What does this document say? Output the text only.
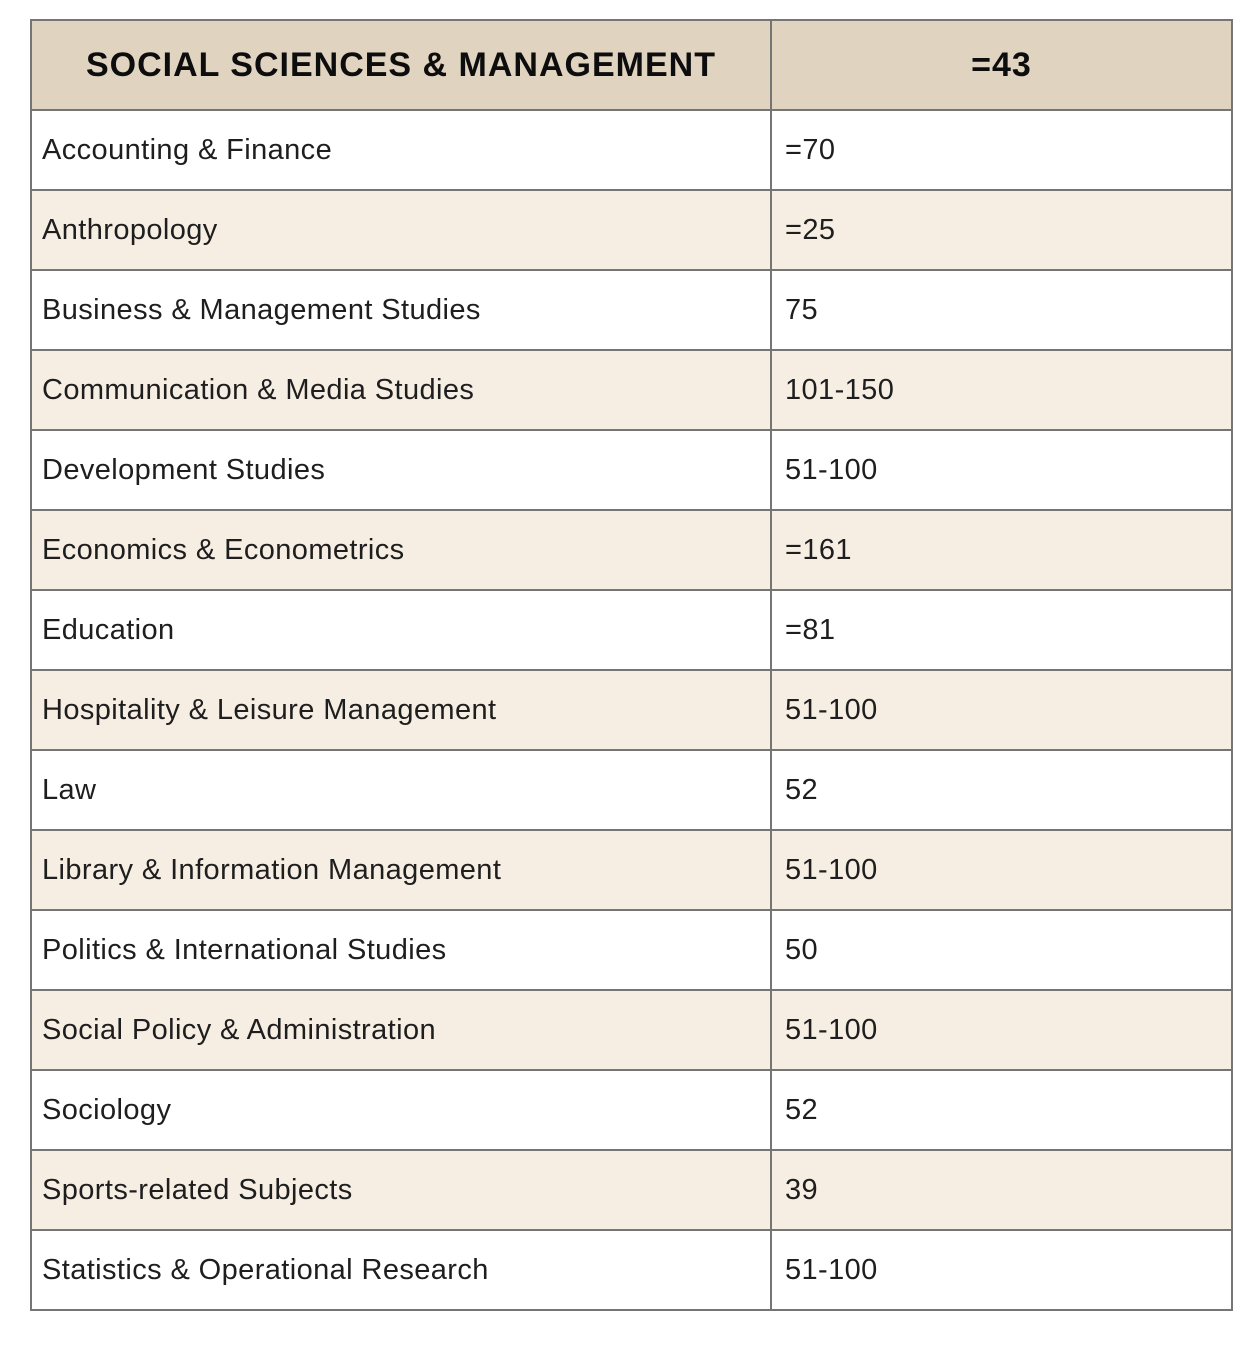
SOCIAL SCIENCES & MANAGEMENT	=43
Accounting & Finance	=70
Anthropology	=25
Business & Management Studies	75
Communication & Media Studies	101-150
Development Studies	51-100
Economics & Econometrics	=161
Education	=81
Hospitality & Leisure Management	51-100
Law	52
Library & Information Management	51-100
Politics & International Studies	50
Social Policy & Administration	51-100
Sociology	52
Sports-related Subjects	39
Statistics & Operational Research	51-100
